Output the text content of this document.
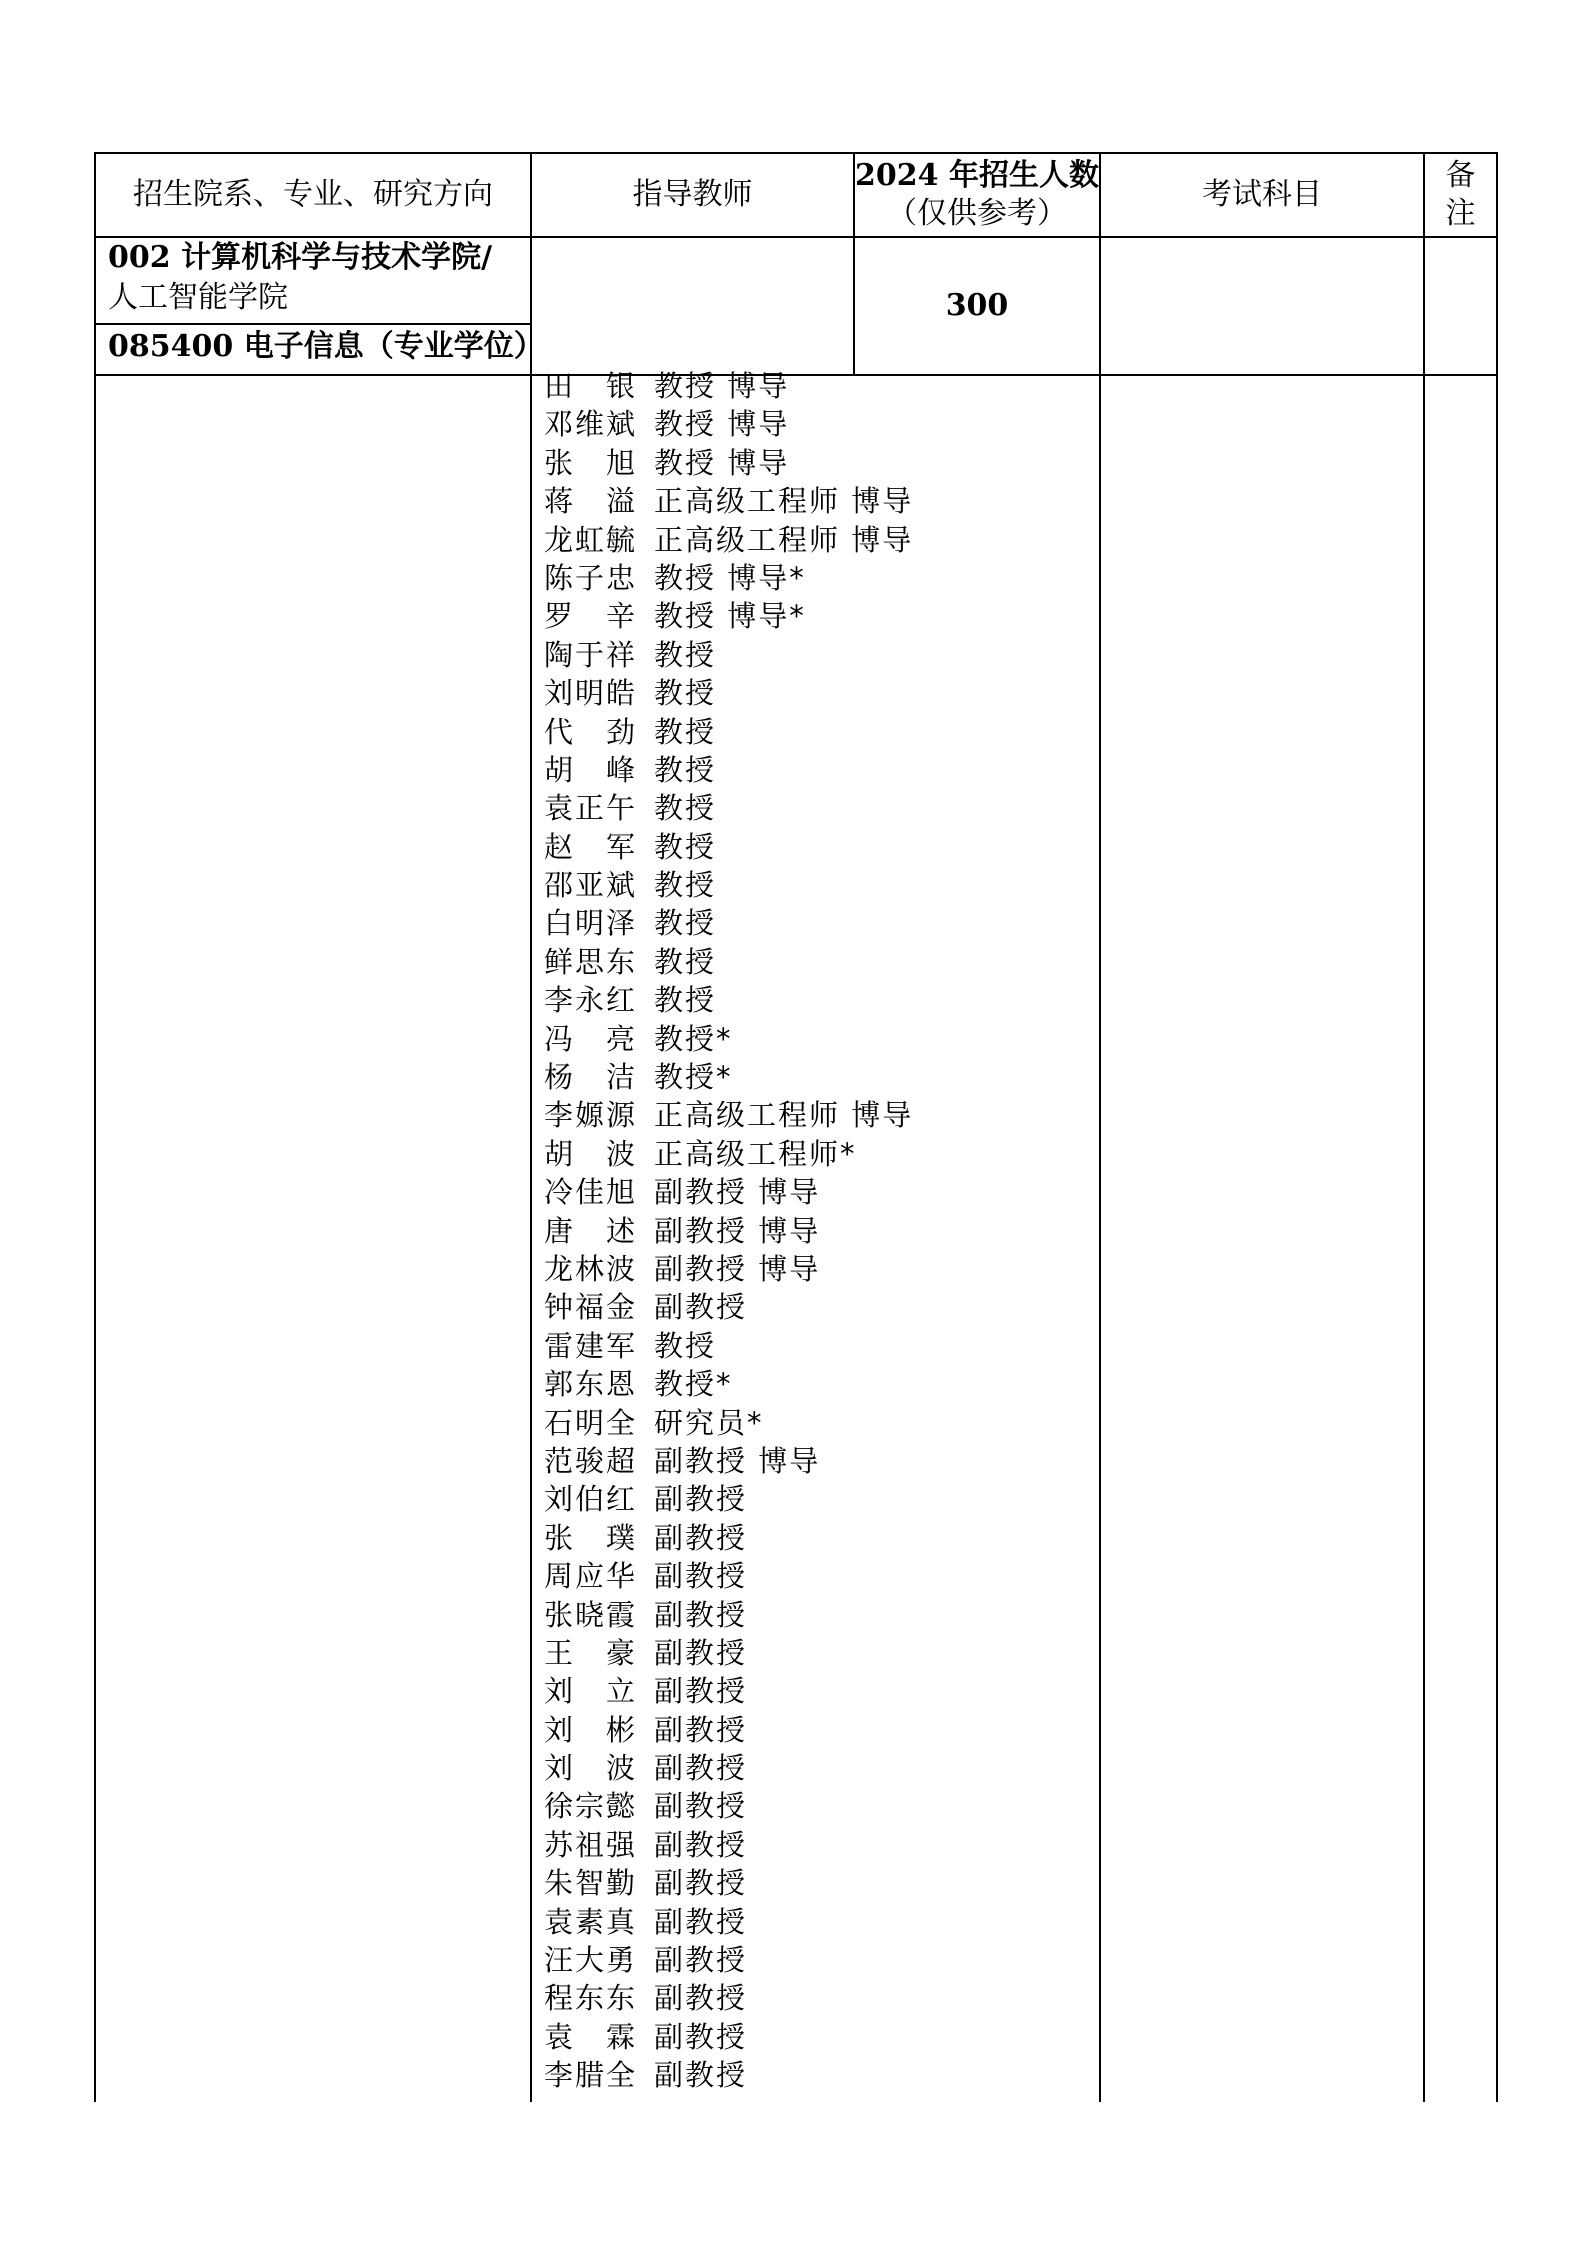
招生院系、专业、研究方向	指导教师
2024 年招生人数
（仅供参考）
考试科目
备
注
002 计算机科学与技术学院/
人工智能学院
085400 电子信息（专业学位）
300
田　银 教授 博导
邓维斌 教授 博导
张　旭 教授 博导
蒋　溢 正高级工程师 博导
龙虹毓 正高级工程师 博导
陈子忠 教授 博导*
罗　辛 教授 博导*
陶于祥 教授
刘明皓 教授
代　劲 教授
胡　峰 教授
袁正午 教授
赵　军 教授
邵亚斌 教授
白明泽 教授
鲜思东 教授
李永红 教授
冯　亮 教授*
杨　洁 教授*
李嫄源 正高级工程师 博导
胡　波 正高级工程师*
冷佳旭 副教授 博导
唐　述 副教授 博导
龙林波 副教授 博导
钟福金 副教授
雷建军 教授
郭东恩 教授*
石明全 研究员*
范骏超 副教授 博导
刘伯红 副教授
张　璞 副教授
周应华 副教授
张晓霞 副教授
王　豪 副教授
刘　立 副教授
刘　彬 副教授
刘　波 副教授
徐宗懿 副教授
苏祖强 副教授
朱智勤 副教授
袁素真 副教授
汪大勇 副教授
程东东 副教授
袁　霖 副教授
李腊全 副教授
